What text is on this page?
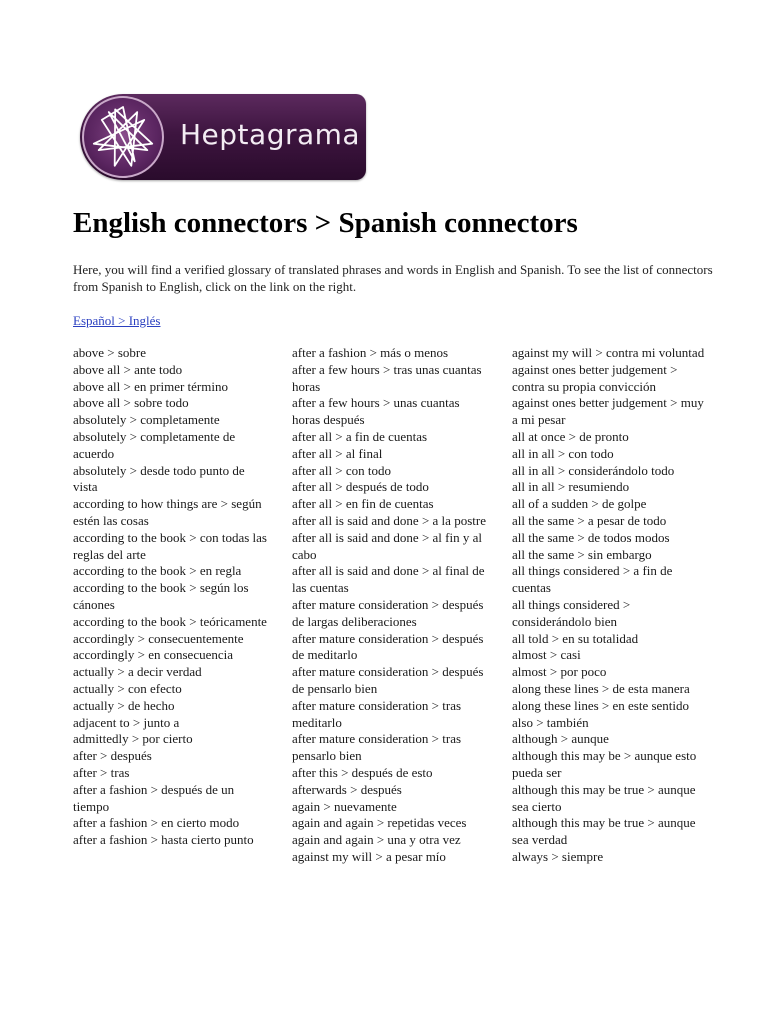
Heptagrama
English connectors > Spanish connectors

Here, you will find a verified glossary of translated phrases and words in English and Spanish. To see the list of connectors from Spanish to English, click on the link on the right.

Español > Inglés
above > sobre
above all > ante todo
above all > en primer término
above all > sobre todo
absolutely > completamente
absolutely > completamente de acuerdo
absolutely > desde todo punto de vista
according to how things are > según estén las cosas
according to the book > con todas las reglas del arte
according to the book > en regla
according to the book > según los cánones
according to the book > teóricamente
accordingly > consecuentemente
accordingly > en consecuencia
actually > a decir verdad
actually > con efecto
actually > de hecho
adjacent to > junto a
admittedly > por cierto
after > después
after > tras
after a fashion > después de un tiempo
after a fashion > en cierto modo
after a fashion > hasta cierto punto
after a fashion > más o menos
after a few hours > tras unas cuantas horas
after a few hours > unas cuantas horas después
after all > a fin de cuentas
after all > al final
after all > con todo
after all > después de todo
after all > en fin de cuentas
after all is said and done > a la postre
after all is said and done > al fin y al cabo
after all is said and done > al final de las cuentas
after mature consideration > después de largas deliberaciones
after mature consideration > después de meditarlo
after mature consideration > después de pensarlo bien
after mature consideration > tras meditarlo
after mature consideration > tras pensarlo bien
after this > después de esto
afterwards > después
again > nuevamente
again and again > repetidas veces
again and again > una y otra vez
against my will > a pesar mío
against my will > contra mi voluntad
against ones better judgement > contra su propia convicción
against ones better judgement > muy a mi pesar
all at once > de pronto
all in all > con todo
all in all > considerándolo todo
all in all > resumiendo
all of a sudden > de golpe
all the same > a pesar de todo
all the same > de todos modos
all the same > sin embargo
all things considered > a fin de cuentas
all things considered > considerándolo bien
all told > en su totalidad
almost > casi
almost > por poco
along these lines > de esta manera
along these lines > en este sentido
also > también
although > aunque
although this may be > aunque esto pueda ser
although this may be true > aunque sea cierto
although this may be true > aunque sea verdad
always > siempre
